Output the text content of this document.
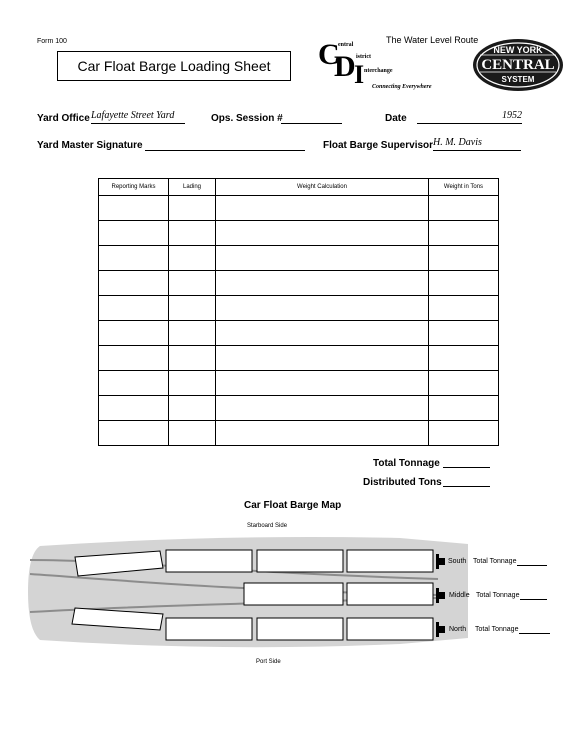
Form 100
Car Float Barge Loading Sheet C
entral
D istrict
I nterchange
Connecting Everywhere
The Water Level Route
NEW YORK
CENTRAL
SYSTEM
Yard Office Lafayette Street Yard	Ops. Session #	Date	1952
Yard Master Signature	Float Barge Supervisor H. M. Davis
Reporting Marks	Lading	Weight Calculation	Weight in Tons

Total Tonnage
Distributed Tons
Car Float Barge Map
Starboard Side
Port Side
South Total Tonnage
Middle Total Tonnage
North Total Tonnage
